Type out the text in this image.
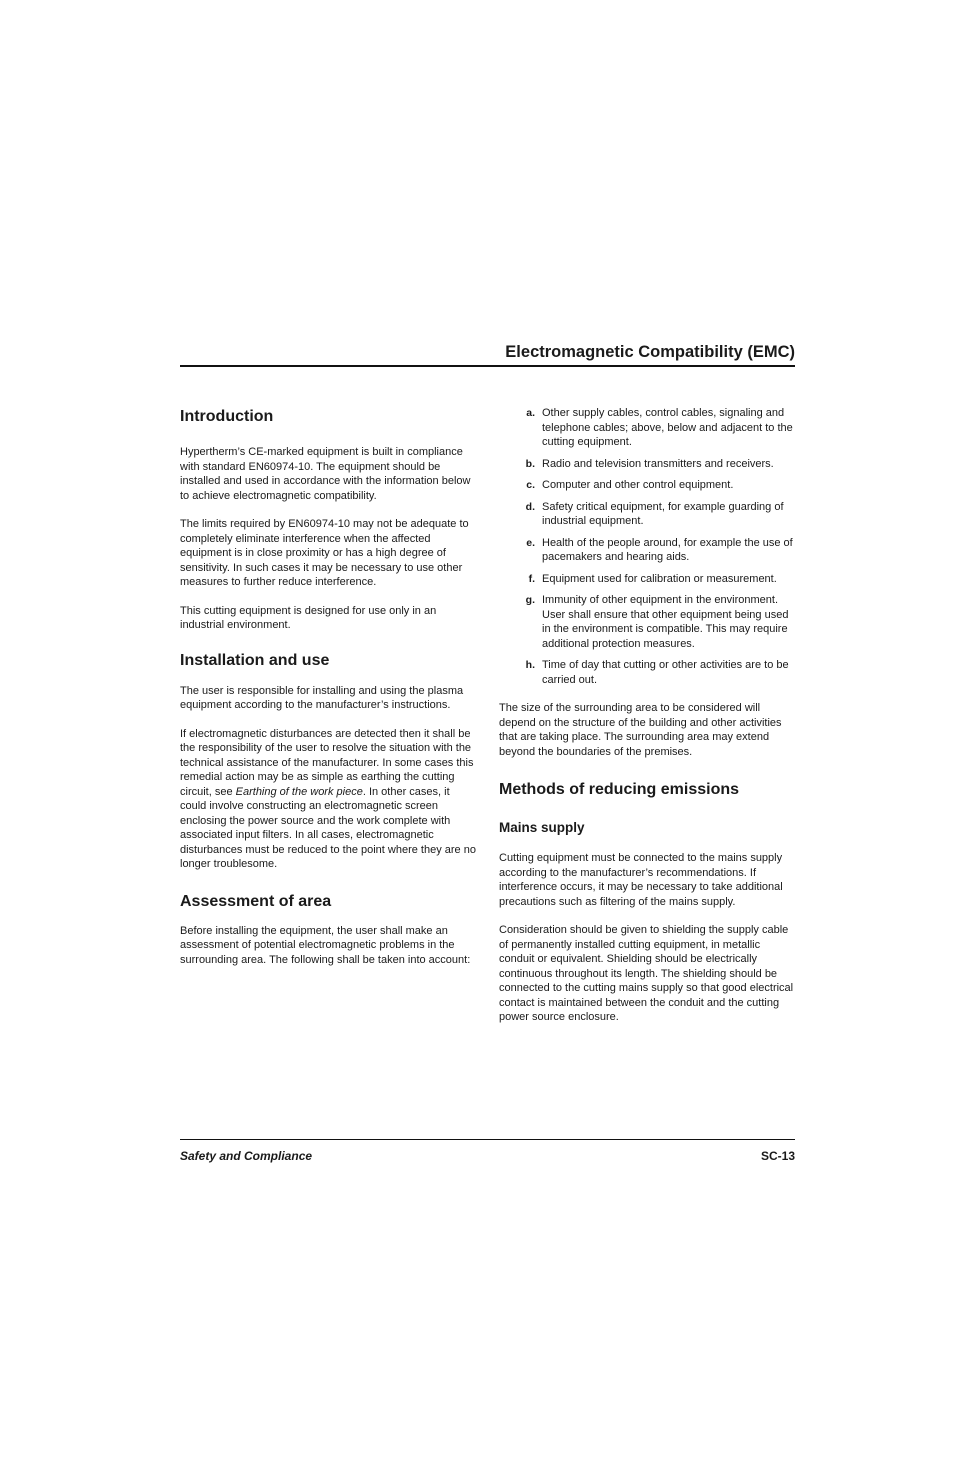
Electromagnetic Compatibility (EMC)
Introduction

Hypertherm’s CE-marked equipment is built in compliance with standard EN60974-10. The equipment should be installed and used in accordance with the information below to achieve electromagnetic compatibility.

The limits required by EN60974-10 may not be adequate to completely eliminate interference when the affected equipment is in close proximity or has a high degree of sensitivity. In such cases it may be necessary to use other measures to further reduce interference.

This cutting equipment is designed for use only in an industrial environment.

Installation and use

The user is responsible for installing and using the plasma equipment according to the manufacturer’s instructions.

If electromagnetic disturbances are detected then it shall be the responsibility of the user to resolve the situation with the technical assistance of the manufacturer. In some cases this remedial action may be as simple as earthing the cutting circuit, see Earthing of the work piece. In other cases, it could involve constructing an electromagnetic screen enclosing the power source and the work complete with associated input filters. In all cases, electromagnetic disturbances must be reduced to the point where they are no longer troublesome.

Assessment of area

Before installing the equipment, the user shall make an assessment of potential electromagnetic problems in the surrounding area. The following shall be taken into account:

a. Other supply cables, control cables, signaling and telephone cables; above, below and adjacent to the cutting equipment.
b. Radio and television transmitters and receivers.
c. Computer and other control equipment.
d. Safety critical equipment, for example guarding of industrial equipment.
e. Health of the people around, for example the use of pacemakers and hearing aids.
f. Equipment used for calibration or measurement.
g. Immunity of other equipment in the environment. User shall ensure that other equipment being used in the environment is compatible. This may require additional protection measures.
h. Time of day that cutting or other activities are to be carried out.

The size of the surrounding area to be considered will depend on the structure of the building and other activities that are taking place. The surrounding area may extend beyond the boundaries of the premises.

Methods of reducing emissions
Mains supply

Cutting equipment must be connected to the mains supply according to the manufacturer’s recommendations. If interference occurs, it may be necessary to take additional precautions such as filtering of the mains supply.

Consideration should be given to shielding the supply cable of permanently installed cutting equipment, in metallic conduit or equivalent. Shielding should be electrically continuous throughout its length. The shielding should be connected to the cutting mains supply so that good electrical contact is maintained between the conduit and the cutting power source enclosure.

Safety and Compliance	SC-13
